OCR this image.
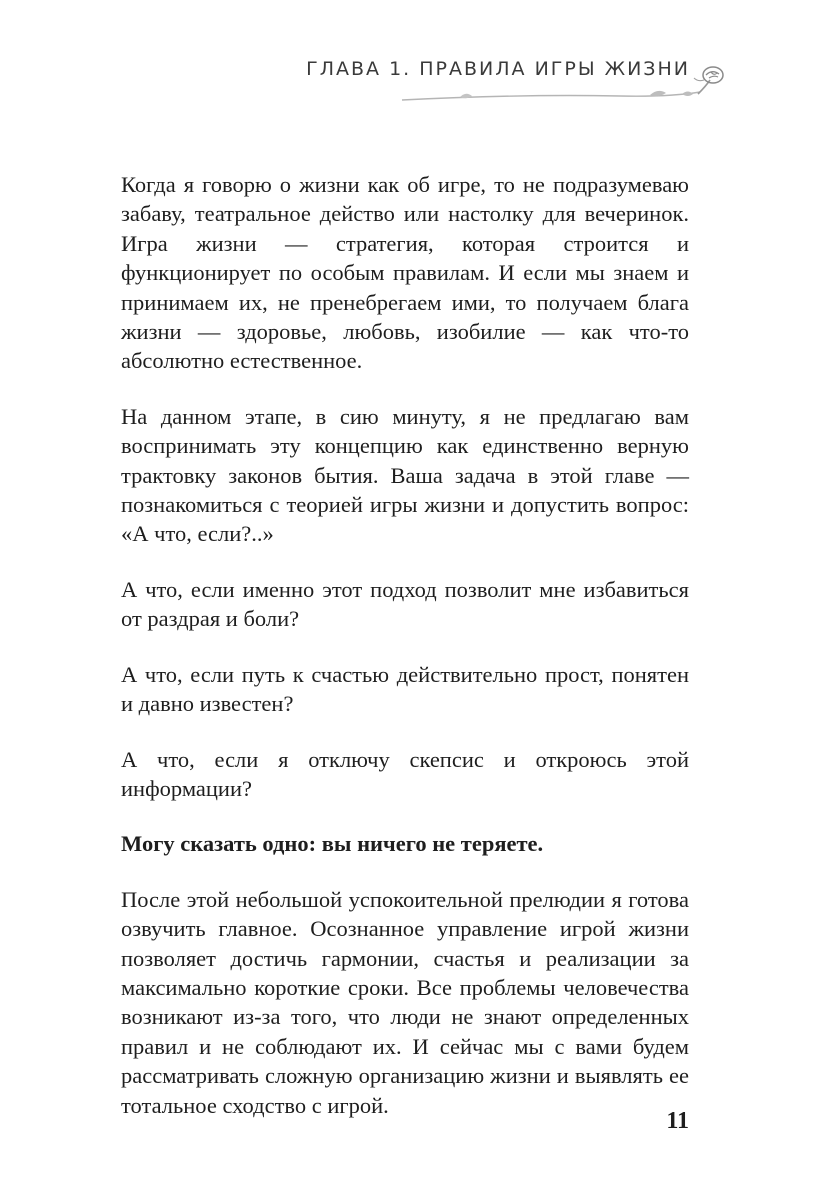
ГЛАВА 1. ПРАВИЛА ИГРЫ ЖИЗНИ

Когда я говорю о жизни как об игре, то не подразумеваю забаву, театральное действо или настолку для вечеринок. Игра жизни — стратегия, которая строится и функционирует по особым правилам. И если мы знаем и принимаем их, не пренебрегаем ими, то получаем блага жизни — здоровье, любовь, изобилие — как что-то абсолютно естественное.

На данном этапе, в сию минуту, я не предлагаю вам воспринимать эту концепцию как единственно верную трактовку законов бытия. Ваша задача в этой главе — познакомиться с теорией игры жизни и допустить вопрос: «А что, если?..»

А что, если именно этот подход позволит мне избавиться от раздрая и боли?

А что, если путь к счастью действительно прост, понятен и давно известен?

А что, если я отключу скепсис и откроюсь этой информации?

Могу сказать одно: вы ничего не теряете.

После этой небольшой успокоительной прелюдии я готова озвучить главное. Осознанное управление игрой жизни позволяет достичь гармонии, счастья и реализации за максимально короткие сроки. Все проблемы человечества возникают из-за того, что люди не знают определенных правил и не соблюдают их. И сейчас мы с вами будем рассматривать сложную организацию жизни и выявлять ее тотальное сходство с игрой.

11
